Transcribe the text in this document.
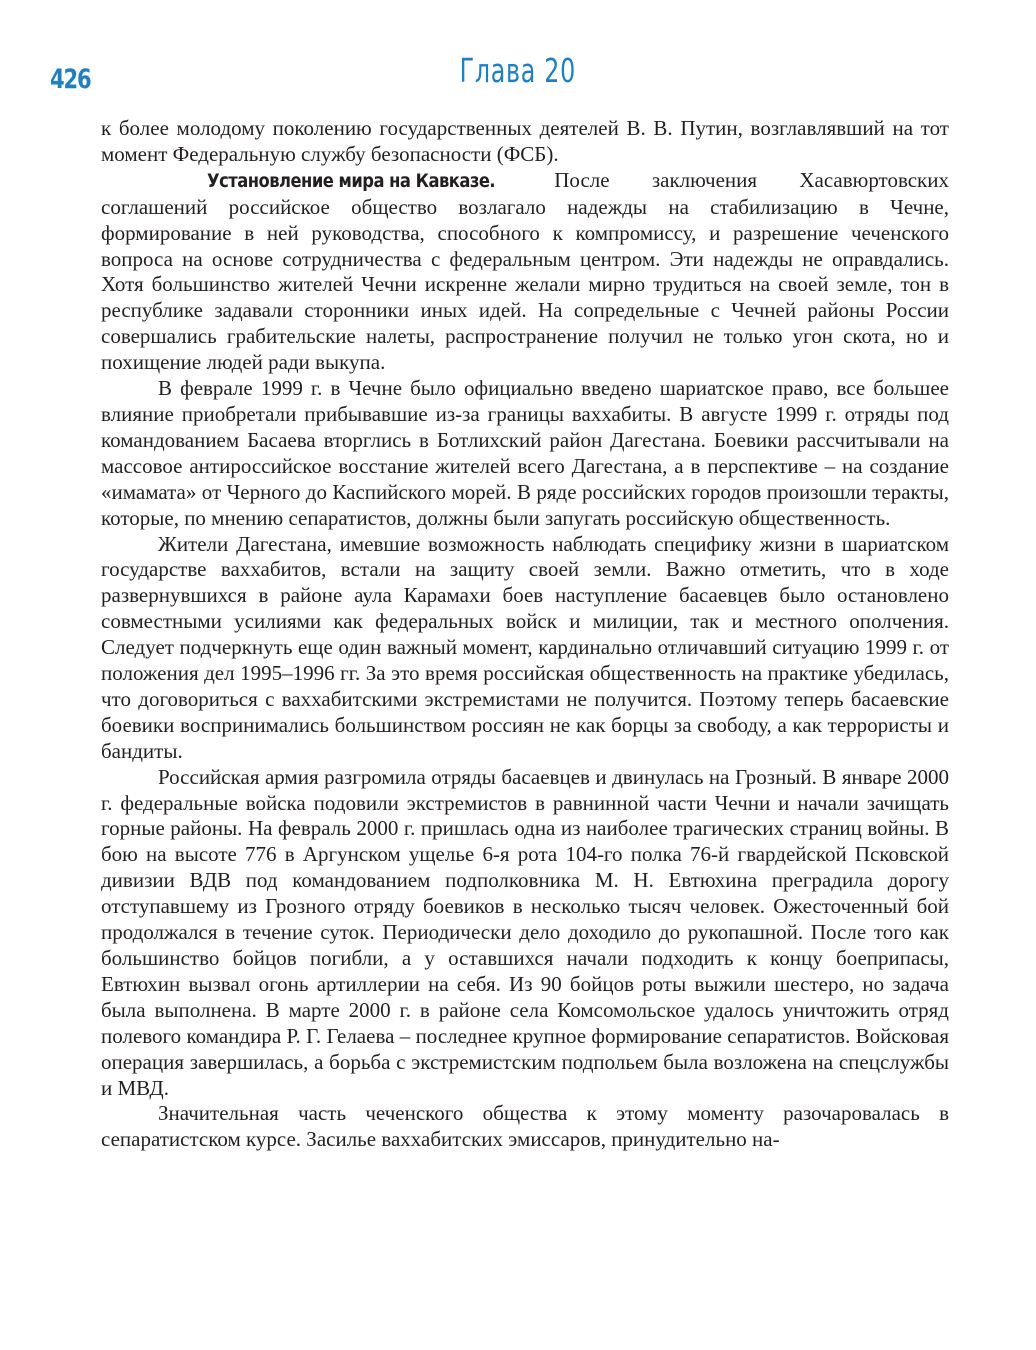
426	Глава 20

к более молодому поколению государственных деятелей В. В. Путин, возглавлявший на тот момент Федеральную службу безопасности (ФСБ).

Установление мира на Кавказе. После заключения Хасавюртовских соглашений российское общество возлагало надежды на стабилизацию в Чечне, формирование в ней руководства, способного к компромиссу, и разрешение чеченского вопроса на основе сотрудничества с федеральным центром. Эти надежды не оправдались. Хотя большинство жителей Чечни искренне желали мирно трудиться на своей земле, тон в республике задавали сторонники иных идей. На сопредельные с Чечней районы России совершались грабительские налеты, распространение получил не только угон скота, но и похищение людей ради выкупа.

В феврале 1999 г. в Чечне было официально введено шариатское право, все большее влияние приобретали прибывавшие из-за границы ваххабиты. В августе 1999 г. отряды под командованием Басаева вторглись в Ботлихский район Дагестана. Боевики рассчитывали на массовое антироссийское восстание жителей всего Дагестана, а в перспективе – на создание «имамата» от Черного до Каспийского морей. В ряде российских городов произошли теракты, которые, по мнению сепаратистов, должны были запугать российскую общественность.

Жители Дагестана, имевшие возможность наблюдать специфику жизни в шариатском государстве ваххабитов, встали на защиту своей земли. Важно отметить, что в ходе развернувшихся в районе аула Карамахи боев наступление басаевцев было остановлено совместными усилиями как федеральных войск и милиции, так и местного ополчения. Следует подчеркнуть еще один важный момент, кардинально отличавший ситуацию 1999 г. от положения дел 1995–1996 гг. За это время российская общественность на практике убедилась, что договориться с ваххабитскими экстремистами не получится. Поэтому теперь басаевские боевики воспринимались большинством россиян не как борцы за свободу, а как террористы и бандиты.

Российская армия разгромила отряды басаевцев и двинулась на Грозный. В январе 2000 г. федеральные войска подовили экстремистов в равнинной части Чечни и начали зачищать горные районы. На февраль 2000 г. пришлась одна из наиболее трагических страниц войны. В бою на высоте 776 в Аргунском ущелье 6-я рота 104-го полка 76-й гвардейской Псковской дивизии ВДВ под командованием подполковника М. Н. Евтюхина преградила дорогу отступавшему из Грозного отряду боевиков в несколько тысяч человек. Ожесточенный бой продолжался в течение суток. Периодически дело доходило до рукопашной. После того как большинство бойцов погибли, а у оставшихся начали подходить к концу боеприпасы, Евтюхин вызвал огонь артиллерии на себя. Из 90 бойцов роты выжили шестеро, но задача была выполнена. В марте 2000 г. в районе села Комсомольское удалось уничтожить отряд полевого командира Р. Г. Гелаева – последнее крупное формирование сепаратистов. Войсковая операция завершилась, а борьба с экстремистским подпольем была возложена на спецслужбы и МВД.

Значительная часть чеченского общества к этому моменту разочаровалась в сепаратистском курсе. Засилье ваххабитских эмиссаров, принудительно на-
